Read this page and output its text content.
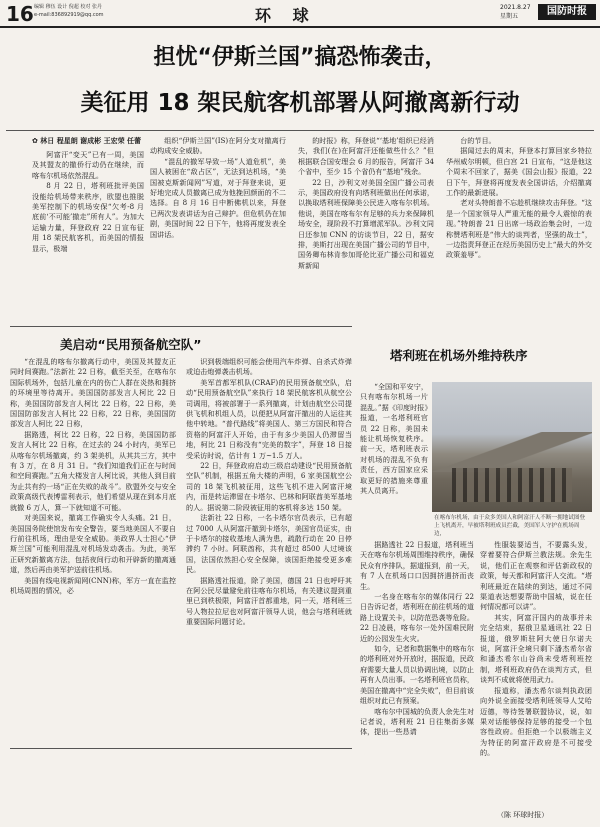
16 编辑 穆伍 设计 倪超 校对 张丹
e-mail:836892919@qq.com	环 球	2021.8.27
星期五	国防时报
担忧“伊斯兰国”搞恐怖袭击，
美征用 18 架民航客机部署从阿撤离新行动
✿ 林日 程星朗 谢成彬 王宏荣 任蕾

阿富汗“变天”已有一周，美国及其盟友的撤侨行动仍在继续，而喀布尔机场依然混乱。

8 月 22 日，塔利班批评美国没能给机场带来秩序，欧盟也推脱美军控制下的机场安保“欠考-8 月底前‘不可能’撤走”所有人”。为加大运输力量，拜登政府 22 日宣布征用 18 架民航客机，而美国的情报显示，极端

组织“伊斯兰国”(IS)在阿分支对撤离行动构成安全威胁。

“混乱的撤军导致一场”人道危机”，美国人被困在“敌占区”，无法到达机场，“美国被克斯新闻网”写道，对于拜登来说，更好地完成人员撤离已成为他挽回颜面的不二选择。自 8 月 16 日中断佛机以来，拜登已两次发表讲话为自己辩护。但危机仍在加剧，美国时间 22 日下午，他将再度发表全国讲话。

的时报》称，拜登说“‘基地’组织已经消失，我们(在)在阿富汗还能做些什么？”但根据联合国安理会 6 月的报告，阿富汗 34 个省中，至少 15 个省仍有“基地”残余。

22 日，沙利文对美国全国广播公司表示，美国政府没有向塔利班做出任何承诺，以换取塔利班保障美公民进入喀布尔机场。他说，美国在喀布尔有足够的兵力来保障机场安全，现阶段不打算增派军队。沙利文同日还参加 CNN 的访谈节目，22 日，据安排，美斯打出现在美国广播公司的节目中，国务卿布林肯参加哥伦比亚广播公司和福克斯新闻

台的节目。

据闻过去的周末，拜登本打算回家乡特拉华州威尔明顿，但白宫 21 日宣布，“这是他这个周末不回家了，据美《国会山报》报道，22 日下午，拜登将再度发表全国讲话，介绍撤离工作的最新进展。

老对头特朗普不忘趁机继续攻击拜登。“这是一个国家领导人严重无能的最令人震惊的表现。”特朗普 21 日出席一场政治集会时，一边称赞塔利班是“伟大的谈判者，坚强的战士”，一边指责拜登正在经历美国历史上“最大的外交政策羞辱”。

美启动“民用预备航空队”

“在混乱的喀布尔撤离行动中，美国及其盟友正同时间赛跑。”法新社 22 日称，截至关至，在喀布尔国际机场外，包括儿童在内的伤亡人群在炎热和拥挤的环境里等待离开。美国国防部发言人柯比 22 日称，美国国防部发言人柯比 22 日称，22 日称，美国国防部发言人柯比 22 日称，22 日称，美国国防部发言人柯比 22 日称，

据路透，柯比 22 日称，22 日称，美国国防部发言人柯比 22 日称，在过去的 24 小时内，美军已从喀布尔机场撤离，约 3 架美机，从其共三方，其中有 3 万，在 8 月 31 日。“我们知道我们正在与时间和空间赛跑。”五角大楼发言人柯比说，其他人到目前为止共有约一场“正在失败的战斗”。欧盟外交与安全政策高级代表博雷利表示，他们希望从现在到本月底就撤 6 万人，算一下就知道不可能。

对美国来说，撤离工作确实令人头痛。21 日，美国国务院使馆发布安全警告，要当地美国人不要自行前往机场，理由是安全威胁。美政界人士担心“伊斯兰国”可能利用混乱对机场发动袭击。为此，美军正研究新撤离方法，包括夜间行动和开辟新的撤离通道，然后再由美军护送前往机场。

美国有线电视新闻网(CNN)称，军方一直在监控机场周围的情况，必

识到极端组织可能会使用汽车炸弹、自杀式炸弹或迫击炮弹袭击机场。

美军首都军机队(CRAF)的民用预备航空队，启动“民用预备航空队”来执行 18 架民航客机从航空公司调用，将被部署于一系列撤离，计划由航空公司提供飞机和机组人员，以便把从阿富汗撤出的人运往其他中转地。“普代路线”将美国人、第三方国民和符合资格的阿富汗人开始，由于有多少美国人仍滞留当地，柯比 21 日称没有“完美的数字”，拜登 18 日接受采访时说，估计有 1 万~1.5 万人。

22 日，拜登政府启动三级启动建设“民用预备航空队”机制，根据五角大楼的声明，6 家美国航空公司的 18 架飞机被征用，这些飞机不进入阿富汗境内，而是转运滞留在卡塔尔、巴林和阿联酋美军基地的人。据说第二阶段被征用的客机将多达 150 架。

法新社 22 日称，一名卡塔尔官员表示，已有超过 7000 人从阿富汗撤到卡塔尔，美国官员证实，由于卡塔尔的接收基地人满为患，疏散行动在 20 日停滞约 7 小时。阿联酋称，共有超过 8500 人过境该国，法国依然担心安全保障，该国拒绝接受更多难民。

据路透社报道，除了美国，德国 21 日也呼吁其在阿公民尽量避免前往喀布尔机场，有关建议提到重里已到秩极限，阿富汗首都重地，同一天，塔利班三号人物拉拉尼也对阿富汗领导人说，他会与塔利班就重要国际问题讨论。

塔利班在机场外维持秩序

“全国和平安宁，只有喀布尔机场一片混乱。”据《印度时报》报道，一名塔利班官员 22 日称，美国未能让机场恢复秩序。前一天，塔利班表示对机场的混乱不负有责任，西方国家应采取更好的措施来尊重其人员离开。

在喀布尔机场，由于众多美国人和阿富汗人不断一拥地试图登上飞机离开，早被塔利班成员拦截，美国军人守护在机场周边，

据路透社 22 日报道，塔利班当天在喀布尔机场周围维持秩序，确保民众有序排队，据道报到，前一天，有 7 人在机场口口因拥挤遇挤而丧生。

一名身在喀布尔的媒体同行 22 日告诉记者，塔利班在前往机场的道路上设置关卡，以防范恐袭等危险。22 日凌晨，喀布尔一处外国难民附近的公园发生火灾。

如今，记者和数据集中的喀布尔的塔利班对外开放时，据报道，民政府需要大量人员以协调出境，以防止再有人员出事。一名塔利班官员称，美国在撤离中“完全失败”，但目前该组织对此已有预案。

喀布尔中国城的负责人余先生对记者说，塔利班 21 日往集街多媒体，提出一些恳请

性服装要适当，不要露头发，穿着要符合伊斯兰教法规。余先生说，他们正在观察和评估新政权的政策，每天都和阿富汗人交流。“塔利班最近在陆续的到达，通过不同渠道表达想要帮助中国城，说在任何情况都可以讲”。

其实，阿富汗国内的战事并未完全结束，据俄卫星通讯社 22 日报道，俄罗斯驻阿大使日尔诺夫说，阿富汗全境只剩下潘杰希尔省和潘杰希尔山谷尚未受塔利班控制，塔利班政府仍在谈判方式，但谈判不成就将使用武力。

报道称，潘杰希尔谈判执政团向外说全面接受塔利班领导人艾哈迈德，等待签署联盟协议，说，如果对话能够保持足够的接受一个包容性政府。但拒绝一个以极端主义为特征的阿富汗政府是不可接受的。

（陈 环球时报）
